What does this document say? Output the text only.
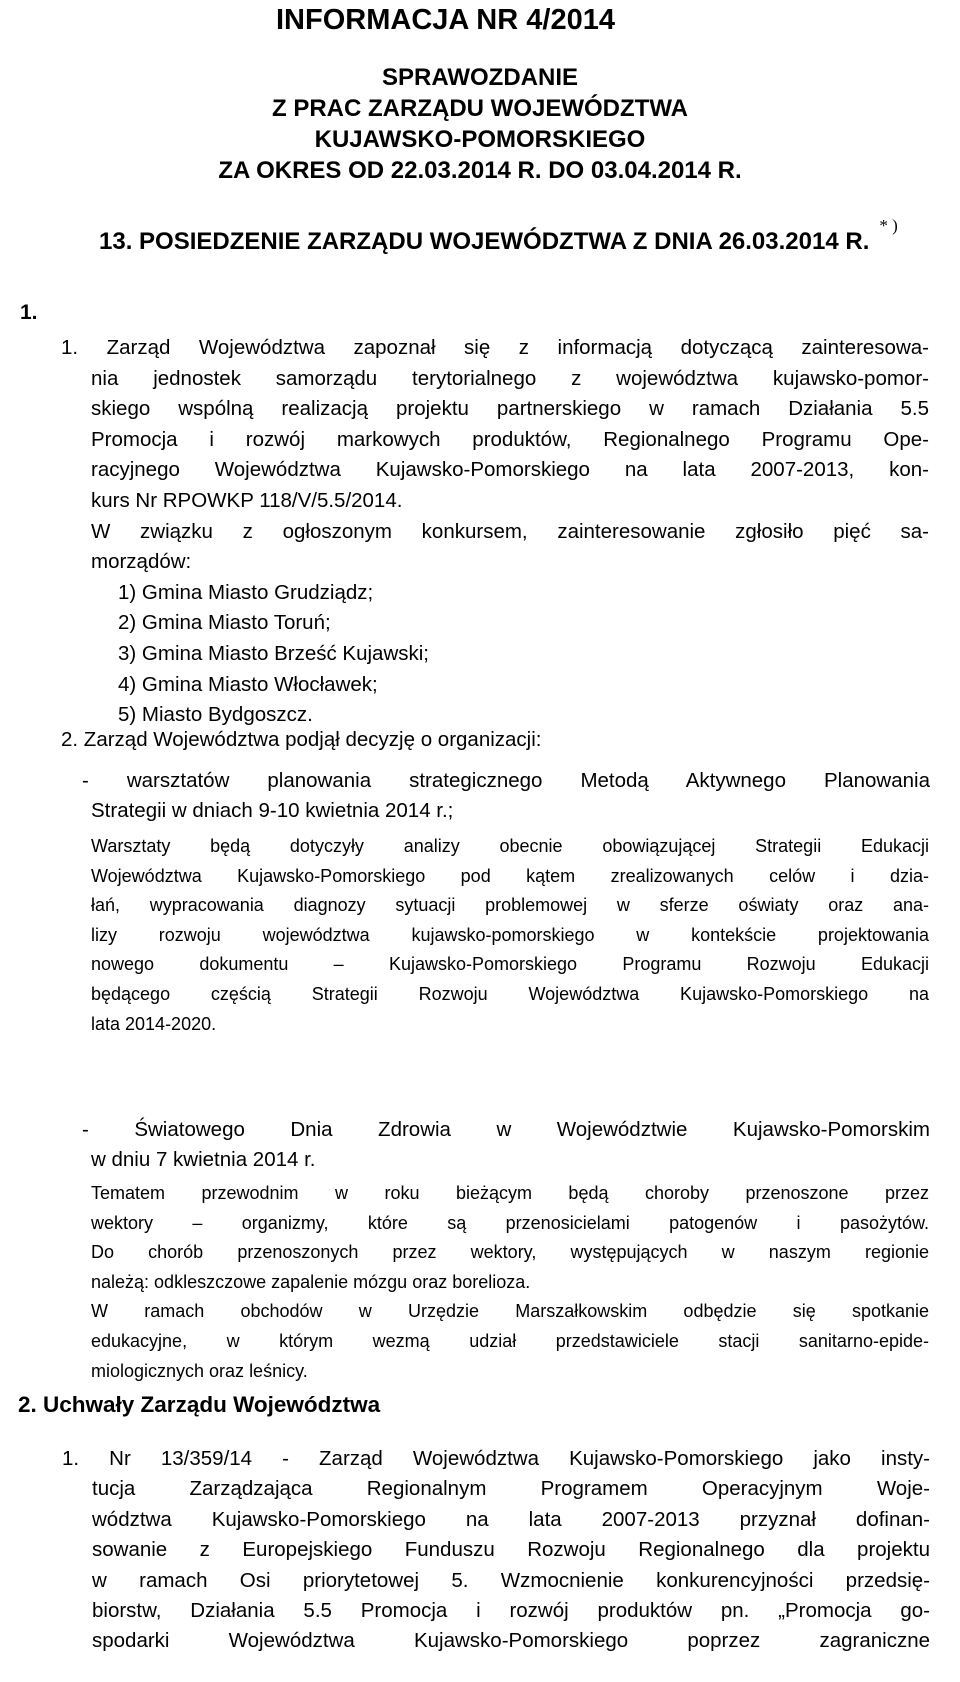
INFORMACJA NR 4/2014
SPRAWOZDANIE
Z PRAC ZARZĄDU WOJEWÓDZTWA
KUJAWSKO-POMORSKIEGO
ZA OKRES OD 22.03.2014 R. DO 03.04.2014 R.
13. POSIEDZENIE ZARZĄDU WOJEWÓDZTWA Z DNIA 26.03.2014 R.* )
1.
1. Zarząd Województwa zapoznał się z informacją dotyczącą zainteresowa-
nia jednostek samorządu terytorialnego z województwa kujawsko-pomor-
skiego wspólną realizacją projektu partnerskiego w ramach Działania 5.5
Promocja i rozwój markowych produktów, Regionalnego Programu Ope-
racyjnego Województwa Kujawsko-Pomorskiego na lata 2007-2013, kon-
kurs Nr RPOWKP 118/V/5.5/2014.
W związku z ogłoszonym konkursem, zainteresowanie zgłosiło pięć sa-
morządów:
1) Gmina Miasto Grudziądz;
2) Gmina Miasto Toruń;
3) Gmina Miasto Brześć Kujawski;
4) Gmina Miasto Włocławek;
5) Miasto Bydgoszcz.
2. Zarząd Województwa podjął decyzję o organizacji:
- warsztatów planowania strategicznego Metodą Aktywnego Planowania
Strategii w dniach 9-10 kwietnia 2014 r.;
Warsztaty będą dotyczyły analizy obecnie obowiązującej Strategii Edukacji
Województwa Kujawsko-Pomorskiego pod kątem zrealizowanych celów i dzia-
łań, wypracowania diagnozy sytuacji problemowej w sferze oświaty oraz ana-
lizy rozwoju województwa kujawsko-pomorskiego w kontekście projektowania
nowego dokumentu – Kujawsko-Pomorskiego Programu Rozwoju Edukacji
będącego częścią Strategii Rozwoju Województwa Kujawsko-Pomorskiego na
lata 2014-2020.
- Światowego Dnia Zdrowia w Województwie Kujawsko-Pomorskim
w dniu 7 kwietnia 2014 r.
Tematem przewodnim w roku bieżącym będą choroby przenoszone przez
wektory – organizmy, które są przenosicielami patogenów i pasożytów.
Do chorób przenoszonych przez wektory, występujących w naszym regionie
należą: odkleszczowe zapalenie mózgu oraz borelioza.
W ramach obchodów w Urzędzie Marszałkowskim odbędzie się spotkanie
edukacyjne, w którym wezmą udział przedstawiciele stacji sanitarno-epide-
miologicznych oraz leśnicy.
2. Uchwały Zarządu Województwa
1. Nr 13/359/14 - Zarząd Województwa Kujawsko-Pomorskiego jako insty-
tucja Zarządzająca Regionalnym Programem Operacyjnym Woje-
wództwa Kujawsko-Pomorskiego na lata 2007-2013 przyznał dofinan-
sowanie z Europejskiego Funduszu Rozwoju Regionalnego dla projektu
w ramach Osi priorytetowej 5. Wzmocnienie konkurencyjności przedsię-
biorstw, Działania 5.5 Promocja i rozwój produktów pn. „Promocja go-
spodarki Województwa Kujawsko-Pomorskiego poprzez zagraniczne
